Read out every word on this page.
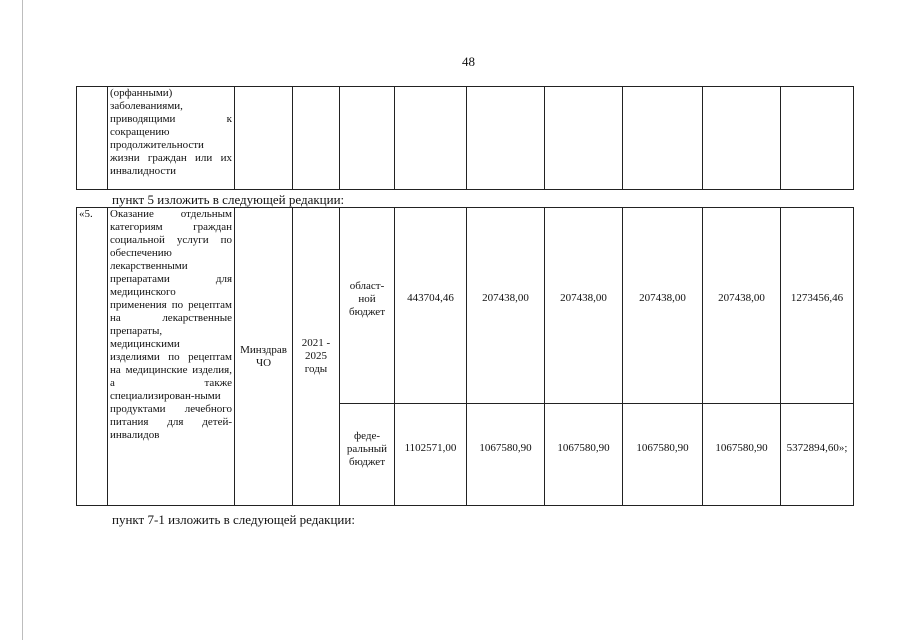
48
	(орфанными) заболеваниями, приводящими к сокращению продолжительности жизни граждан или их инвалидности									
пункт 5 изложить в следующей редакции:
«5.	Оказание отдельным категориям граждан социальной услуги по обеспечению лекарственными препаратами для медицинского применения по рецептам на лекарственные препараты, медицинскими изделиями по рецептам на медицинские изделия, а также специализирован-ными продуктами лечебного питания для детей-инвалидов	Минздрав ЧО	2021 - 2025 годы	област-ной бюджет	443704,46	207438,00	207438,00	207438,00	207438,00	1273456,46
				феде-ральный бюджет	1102571,00	1067580,90	1067580,90	1067580,90	1067580,90	5372894,60»;
пункт 7-1 изложить в следующей редакции:
